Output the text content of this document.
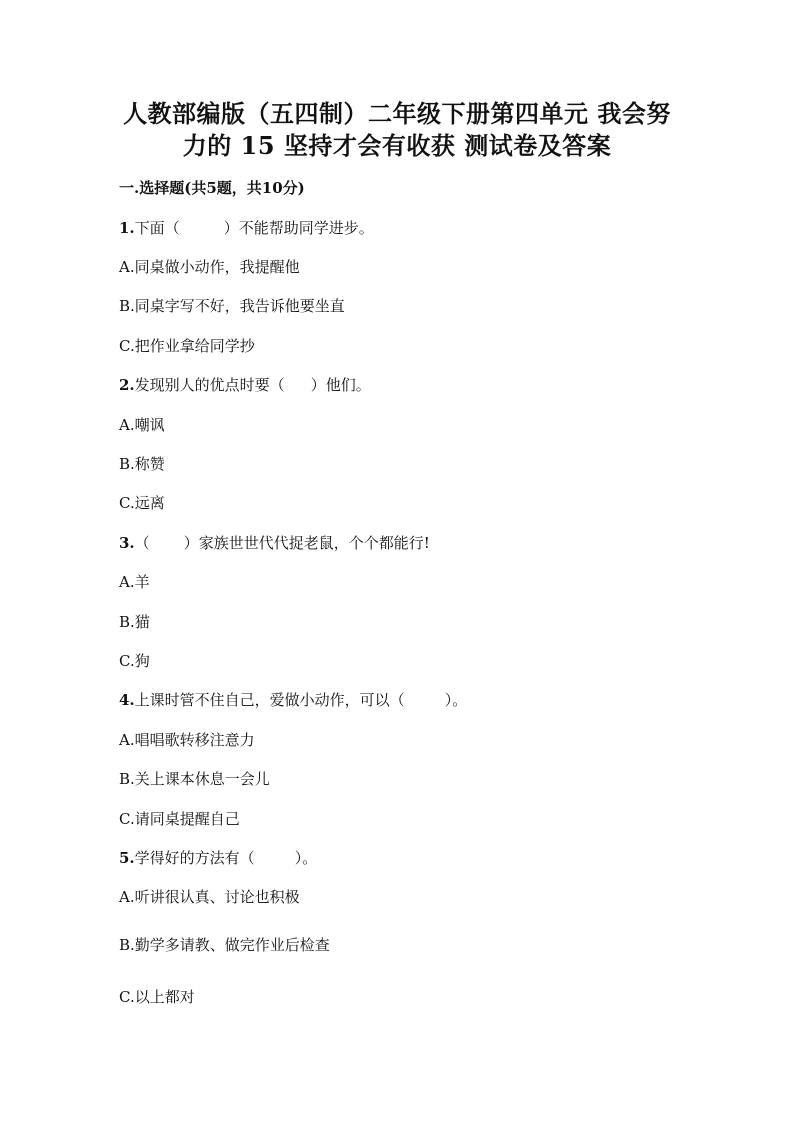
人教部编版（五四制）二年级下册第四单元 我会努
力的 15 坚持才会有收获 测试卷及答案
一.选择题(共5题，共10分)
1.下面（	）不能帮助同学进步。
A.同桌做小动作，我提醒他
B.同桌字写不好，我告诉他要坐直
C.把作业拿给同学抄
2.发现别人的优点时要（ ）他们。
A.嘲讽
B.称赞
C.远离
3.（ ）家族世世代代捉老鼠，个个都能行!
A.羊
B.猫
C.狗
4.上课时管不住自己，爱做小动作，可以（	）。
A.唱唱歌转移注意力
B.关上课本休息一会儿
C.请同桌提醒自己
5.学得好的方法有（	）。
A.听讲很认真、讨论也积极
B.勤学多请教、做完作业后检查
C.以上都对
